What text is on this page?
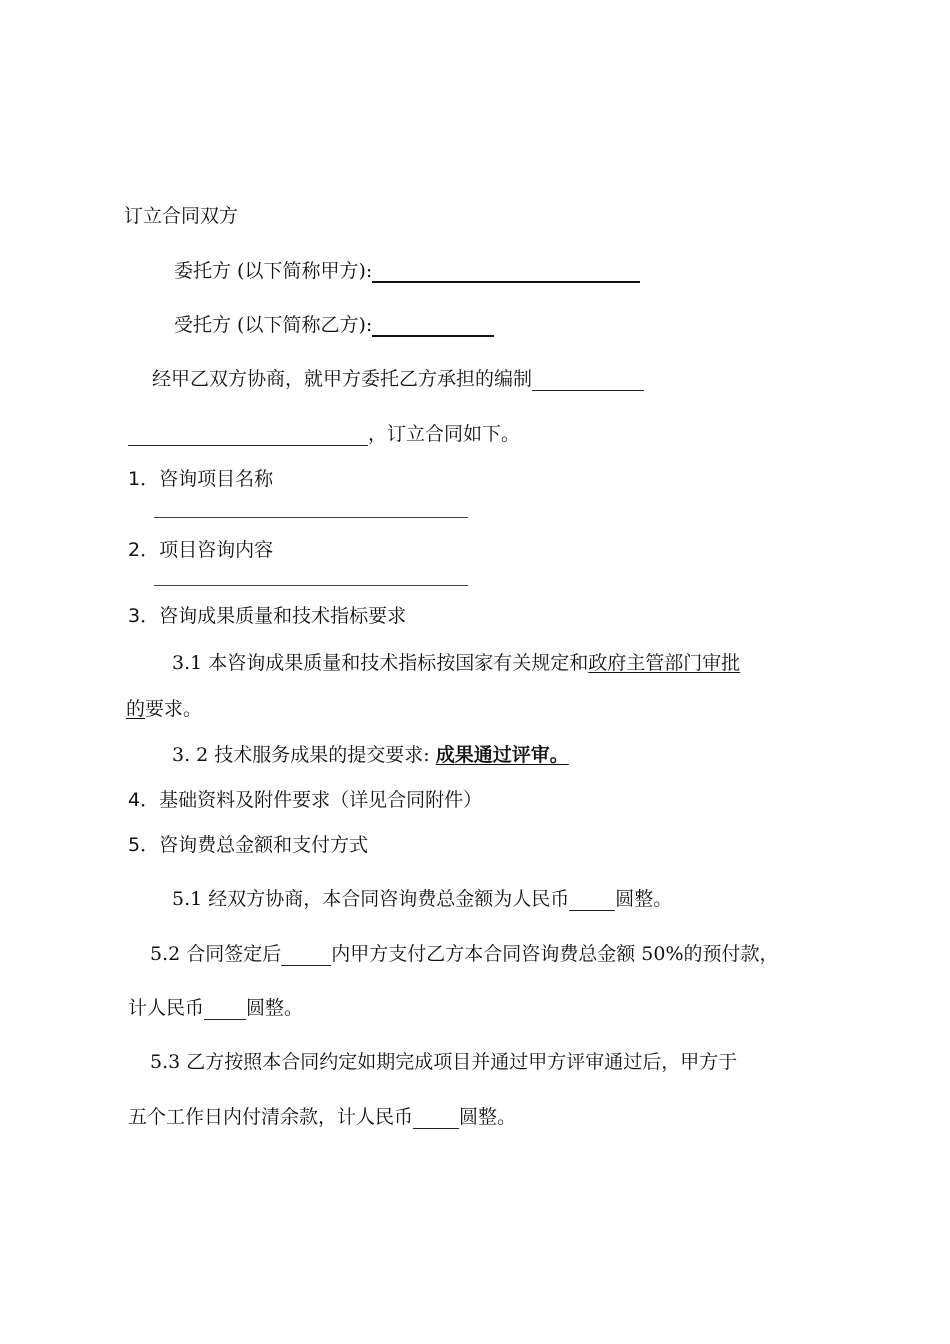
订立合同双方
委托方 (以下简称甲方):
受托方 (以下简称乙方):
经甲乙双方协商，就甲方委托乙方承担的编制
，订立合同如下。
1．咨询项目名称
2．项目咨询内容
3．咨询成果质量和技术指标要求
3.1 本咨询成果质量和技术指标按国家有关规定和政府主管部门审批
的要求。
3. 2 技术服务成果的提交要求: 成果通过评审。
4．基础资料及附件要求（详见合同附件）
5．咨询费总金额和支付方式
5.1 经双方协商，本合同咨询费总金额为人民币 圆整。
5.2 合同签定后	内甲方支付乙方本合同咨询费总金额 50%的预付款，
计人民币 圆整。
5.3 乙方按照本合同约定如期完成项目并通过甲方评审通过后，甲方于
五个工作日内付清余款，计人民币 圆整。
